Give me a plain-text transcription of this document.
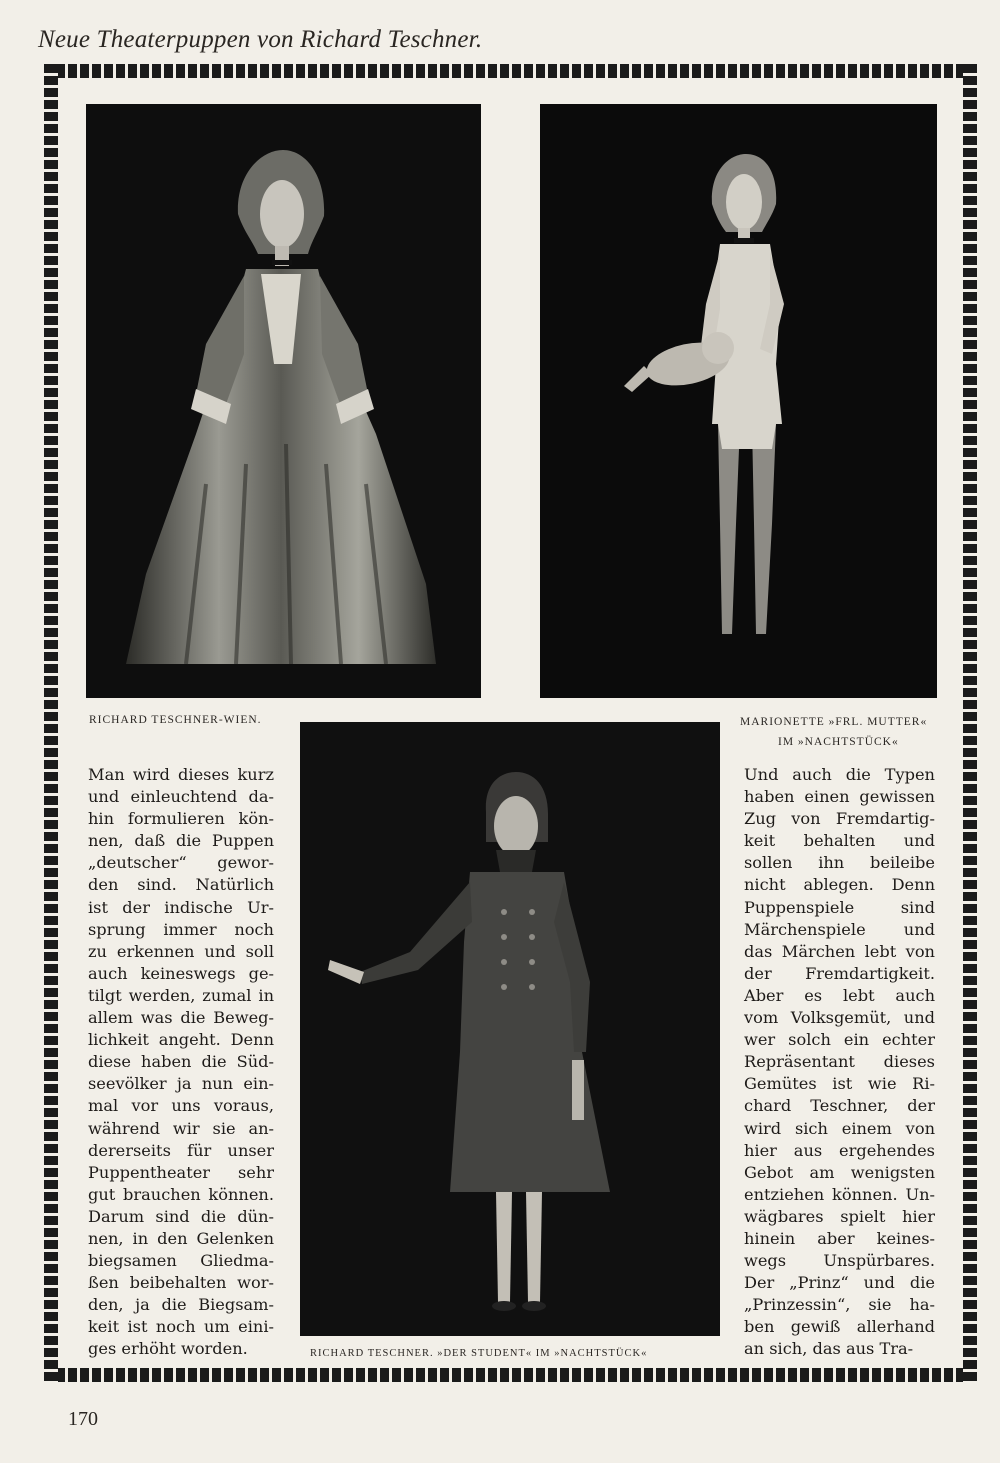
Neue Theaterpuppen von Richard Teschner.
RICHARD TESCHNER-WIEN.	MARIONETTE »FRL. MUTTER«
IM »NACHTSTÜCK«
RICHARD TESCHNER. »DER STUDENT« IM »NACHTSTÜCK«
Man wird dieses kurz
und einleuchtend da-
hin formulieren kön-
nen, daß die Puppen
„deutscher“ gewor-
den sind. Natürlich
ist der indische Ur-
sprung immer noch
zu erkennen und soll
auch keineswegs ge-
tilgt werden, zumal in
allem was die Beweg-
lichkeit angeht. Denn
diese haben die Süd-
seevölker ja nun ein-
mal vor uns voraus,
während wir sie an-
dererseits für unser
Puppentheater sehr
gut brauchen können.
Darum sind die dün-
nen, in den Gelenken
biegsamen Gliedma-
ßen beibehalten wor-
den, ja die Biegsam-
keit ist noch um eini-
ges erhöht worden.
Und auch die Typen
haben einen gewissen
Zug von Fremdartig-
keit behalten und
sollen ihn beileibe
nicht ablegen. Denn
Puppenspiele sind
Märchenspiele und
das Märchen lebt von
der Fremdartigkeit.
Aber es lebt auch
vom Volksgemüt, und
wer solch ein echter
Repräsentant dieses
Gemütes ist wie Ri-
chard Teschner, der
wird sich einem von
hier aus ergehendes
Gebot am wenigsten
entziehen können. Un-
wägbares spielt hier
hinein aber keines-
wegs Unspürbares.
Der „Prinz“ und die
„Prinzessin“, sie ha-
ben gewiß allerhand
an sich, das aus Tra-
170
